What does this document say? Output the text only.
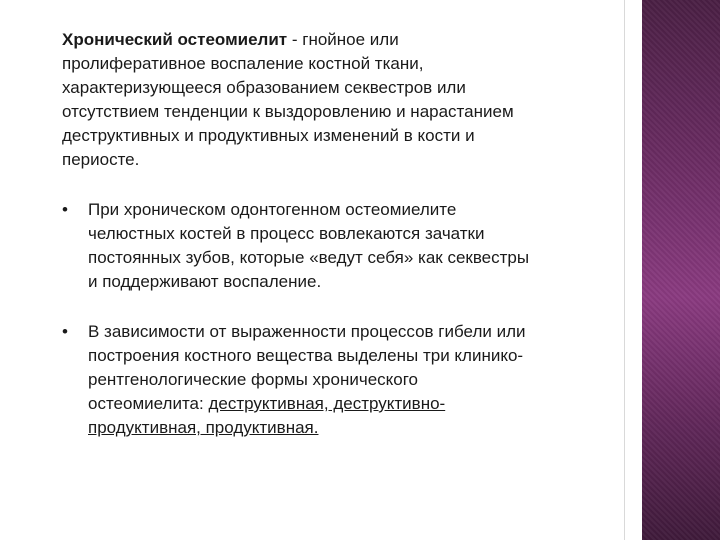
Хронический остеомиелит - гнойное или пролиферативное воспаление костной ткани, характеризующееся образованием секвестров или отсутствием тенденции к выздоровлению и нарастанием деструктивных и продуктивных изменений в кости и периосте.

• При хроническом одонтогенном остеомиелите челюстных костей в процесс вовлекаются зачатки постоянных зубов, которые «ведут себя» как секвестры и поддерживают воспаление.
• В зависимости от выраженности процессов гибели или построения костного вещества выделены три клинико-рентгенологические формы хронического остеомиелита: деструктивная, деструктивно-продуктивная, продуктивная.
